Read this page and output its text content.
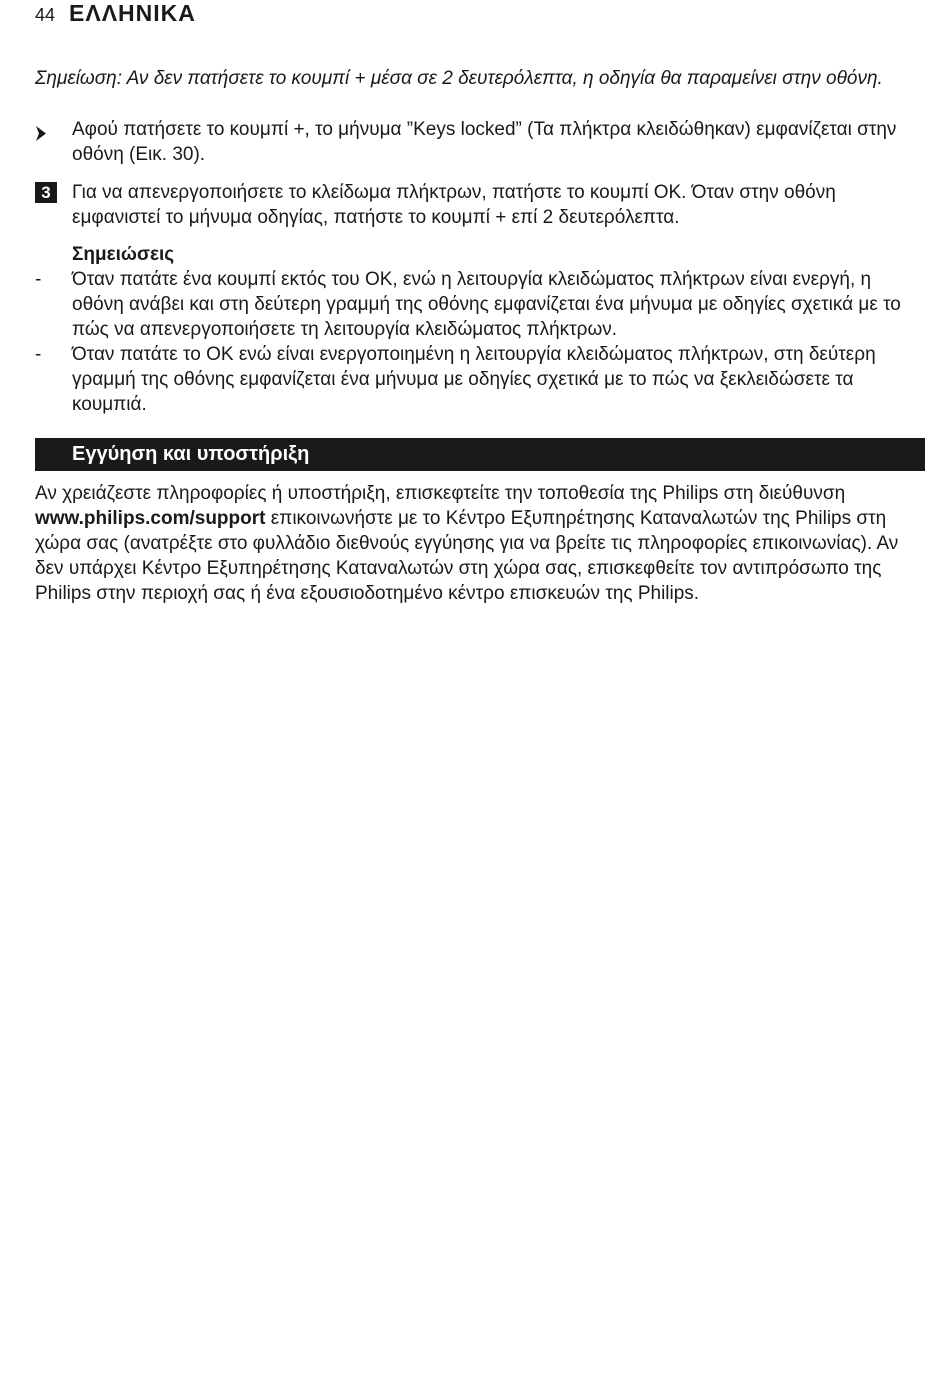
44 ΕΛΛΗΝΙΚΑ
Σημείωση: Αν δεν πατήσετε το κουμπί + μέσα σε 2 δευτερόλεπτα, η οδηγία θα παραμείνει στην οθόνη.
Αφού πατήσετε το κουμπί +, το μήνυμα ”Keys locked” (Τα πλήκτρα κλειδώθηκαν) εμφανίζεται στην οθόνη (Εικ. 30).
3	Για να απενεργοποιήσετε το κλείδωμα πλήκτρων, πατήστε το κουμπί OK. Όταν στην οθόνη εμφανιστεί το μήνυμα οδηγίας, πατήστε το κουμπί + επί 2 δευτερόλεπτα.
Σημειώσεις
-	Όταν πατάτε ένα κουμπί εκτός του OK, ενώ η λειτουργία κλειδώματος πλήκτρων είναι ενεργή, η οθόνη ανάβει και στη δεύτερη γραμμή της οθόνης εμφανίζεται ένα μήνυμα με οδηγίες σχετικά με το πώς να απενεργοποιήσετε τη λειτουργία κλειδώματος πλήκτρων.
-	Όταν πατάτε το OK ενώ είναι ενεργοποιημένη η λειτουργία κλειδώματος πλήκτρων, στη δεύτερη γραμμή της οθόνης εμφανίζεται ένα μήνυμα με οδηγίες σχετικά με το πώς να ξεκλειδώσετε τα κουμπιά.
Εγγύηση και υποστήριξη
Αν χρειάζεστε πληροφορίες ή υποστήριξη, επισκεφτείτε την τοποθεσία της Philips στη διεύθυνση www.philips.com/support επικοινωνήστε με το Κέντρο Εξυπηρέτησης Καταναλωτών της Philips στη χώρα σας (ανατρέξτε στο φυλλάδιο διεθνούς εγγύησης για να βρείτε τις πληροφορίες επικοινωνίας). Αν δεν υπάρχει Κέντρο Εξυπηρέτησης Καταναλωτών στη χώρα σας, επισκεφθείτε τον αντιπρόσωπο της Philips στην περιοχή σας ή ένα εξουσιοδοτημένο κέντρο επισκευών της Philips.
